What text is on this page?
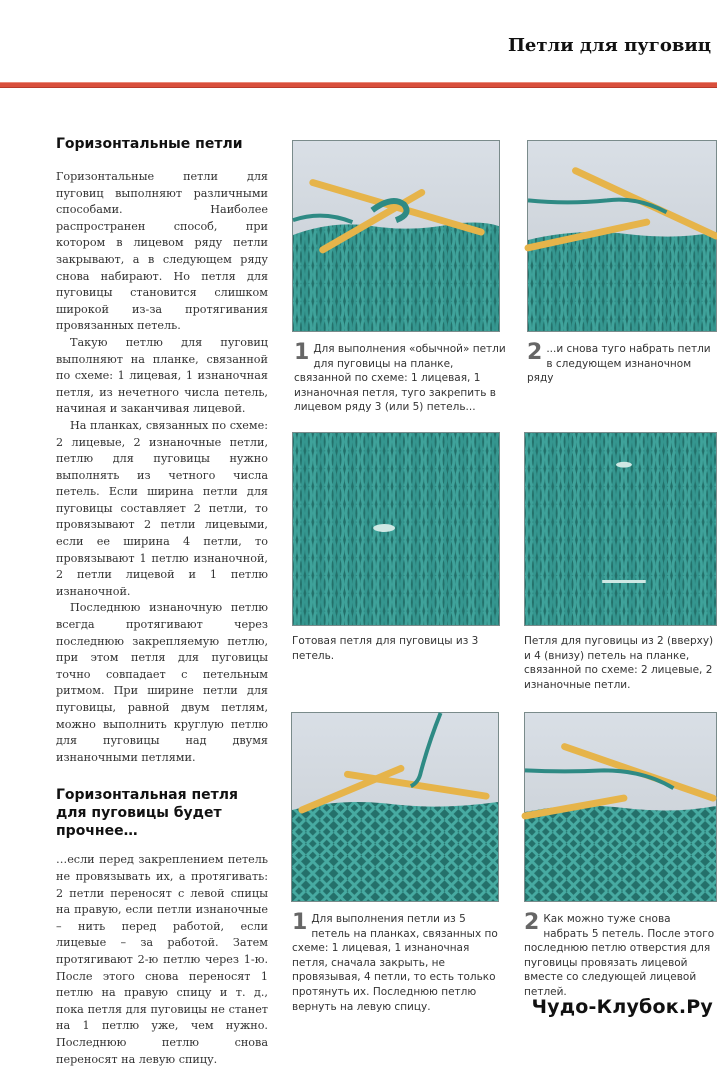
Петли для пуговиц
Горизонтальные петли

Горизонтальные петли для пуговиц выполняют различными способами. Наиболее распространен способ, при котором в лицевом ряду петли закрывают, а в следующем ряду снова набирают. Но петля для пуговицы становится слишком широкой из-за протягивания провязанных петель.

Такую петлю для пуговиц выполняют на планке, связанной по схеме: 1 лицевая, 1 изнаночная петля, из нечетного числа петель, начиная и заканчивая лицевой.

На планках, связанных по схеме: 2 лицевые, 2 изнаночные петли, петлю для пуговицы нужно выполнять из четного числа петель. Если ширина петли для пуговицы составляет 2 петли, то провязывают 2 петли лицевыми, если ее ширина 4 петли, то провязывают 1 петлю изнаночной, 2 петли лицевой и 1 петлю изнаночной.

Последнюю изнаночную петлю всегда протягивают через последнюю закрепляемую петлю, при этом петля для пуговицы точно совпадает с петельным ритмом. При ширине петли для пуговицы, равной двум петлям, можно выполнить круглую петлю для пуговицы над двумя изнаночными петлями.

Горизонтальная петля для пуговицы будет прочнее…

…если перед закреплением петель не провязывать их, а протягивать: 2 петли переносят с левой спицы на правую, если петли изнаночные – нить перед работой, если лицевые – за работой. Затем протягивают 2-ю петлю через 1-ю. После этого снова переносят 1 петлю на правую спицу и т. д., пока петля для пуговицы не станет на 1 петлю уже, чем нужно. Последнюю петлю снова переносят на левую спицу.

1 Для выполнения «обычной» петли для пуговицы на планке, связанной по схеме: 1 лицевая, 1 изнаночная петля, туго закрепить в лицевом ряду 3 (или 5) петель...
2 ...и снова туго набрать петли в следующем изнаночном ряду
Готовая петля для пуговицы из 3 петель.
Петля для пуговицы из 2 (вверху) и 4 (внизу) петель на планке, связанной по схеме: 2 лицевые, 2 изнаночные петли.
1 Для выполнения петли из 5 петель на планках, связанных по схеме: 1 лицевая, 1 изнаночная петля, сначала закрыть, не провязывая, 4 петли, то есть только протянуть их. Последнюю петлю вернуть на левую спицу.
2 Как можно туже снова набрать 5 петель. После этого последнюю петлю отверстия для пуговицы провязать лицевой вместе со следующей лицевой петлей.
Чудо-Клубок.Ру
